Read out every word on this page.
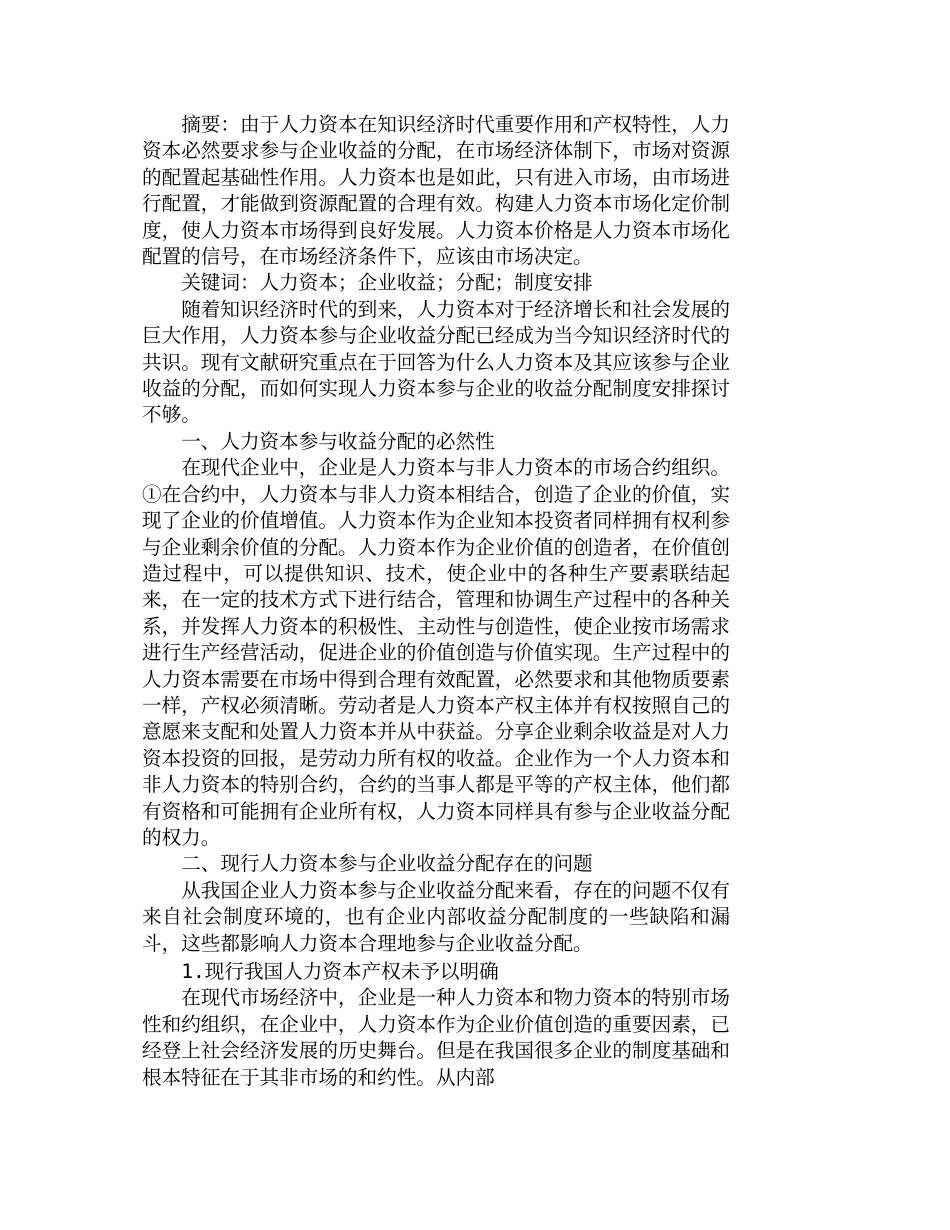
摘要：由于人力资本在知识经济时代重要作用和产权特性，人力资本必然要求参与企业收益的分配，在市场经济体制下，市场对资源的配置起基础性作用。人力资本也是如此，只有进入市场，由市场进行配置，才能做到资源配置的合理有效。构建人力资本市场化定价制度，使人力资本市场得到良好发展。人力资本价格是人力资本市场化配置的信号，在市场经济条件下，应该由市场决定。

关键词：人力资本；企业收益；分配；制度安排

随着知识经济时代的到来，人力资本对于经济增长和社会发展的巨大作用，人力资本参与企业收益分配已经成为当今知识经济时代的共识。现有文献研究重点在于回答为什么人力资本及其应该参与企业收益的分配，而如何实现人力资本参与企业的收益分配制度安排探讨不够。

一、人力资本参与收益分配的必然性

在现代企业中，企业是人力资本与非人力资本的市场合约组织。①在合约中，人力资本与非人力资本相结合，创造了企业的价值，实现了企业的价值增值。人力资本作为企业知本投资者同样拥有权利参与企业剩余价值的分配。人力资本作为企业价值的创造者，在价值创造过程中，可以提供知识、技术，使企业中的各种生产要素联结起来，在一定的技术方式下进行结合，管理和协调生产过程中的各种关系，并发挥人力资本的积极性、主动性与创造性，使企业按市场需求进行生产经营活动，促进企业的价值创造与价值实现。生产过程中的人力资本需要在市场中得到合理有效配置，必然要求和其他物质要素一样，产权必须清晰。劳动者是人力资本产权主体并有权按照自己的意愿来支配和处置人力资本并从中获益。分享企业剩余收益是对人力资本投资的回报，是劳动力所有权的收益。企业作为一个人力资本和非人力资本的特别合约，合约的当事人都是平等的产权主体，他们都有资格和可能拥有企业所有权，人力资本同样具有参与企业收益分配的权力。

二、现行人力资本参与企业收益分配存在的问题

从我国企业人力资本参与企业收益分配来看，存在的问题不仅有来自社会制度环境的，也有企业内部收益分配制度的一些缺陷和漏斗，这些都影响人力资本合理地参与企业收益分配。

1.现行我国人力资本产权未予以明确

在现代市场经济中，企业是一种人力资本和物力资本的特别市场性和约组织，在企业中，人力资本作为企业价值创造的重要因素，已经登上社会经济发展的历史舞台。但是在我国很多企业的制度基础和根本特征在于其非市场的和约性。从内部
